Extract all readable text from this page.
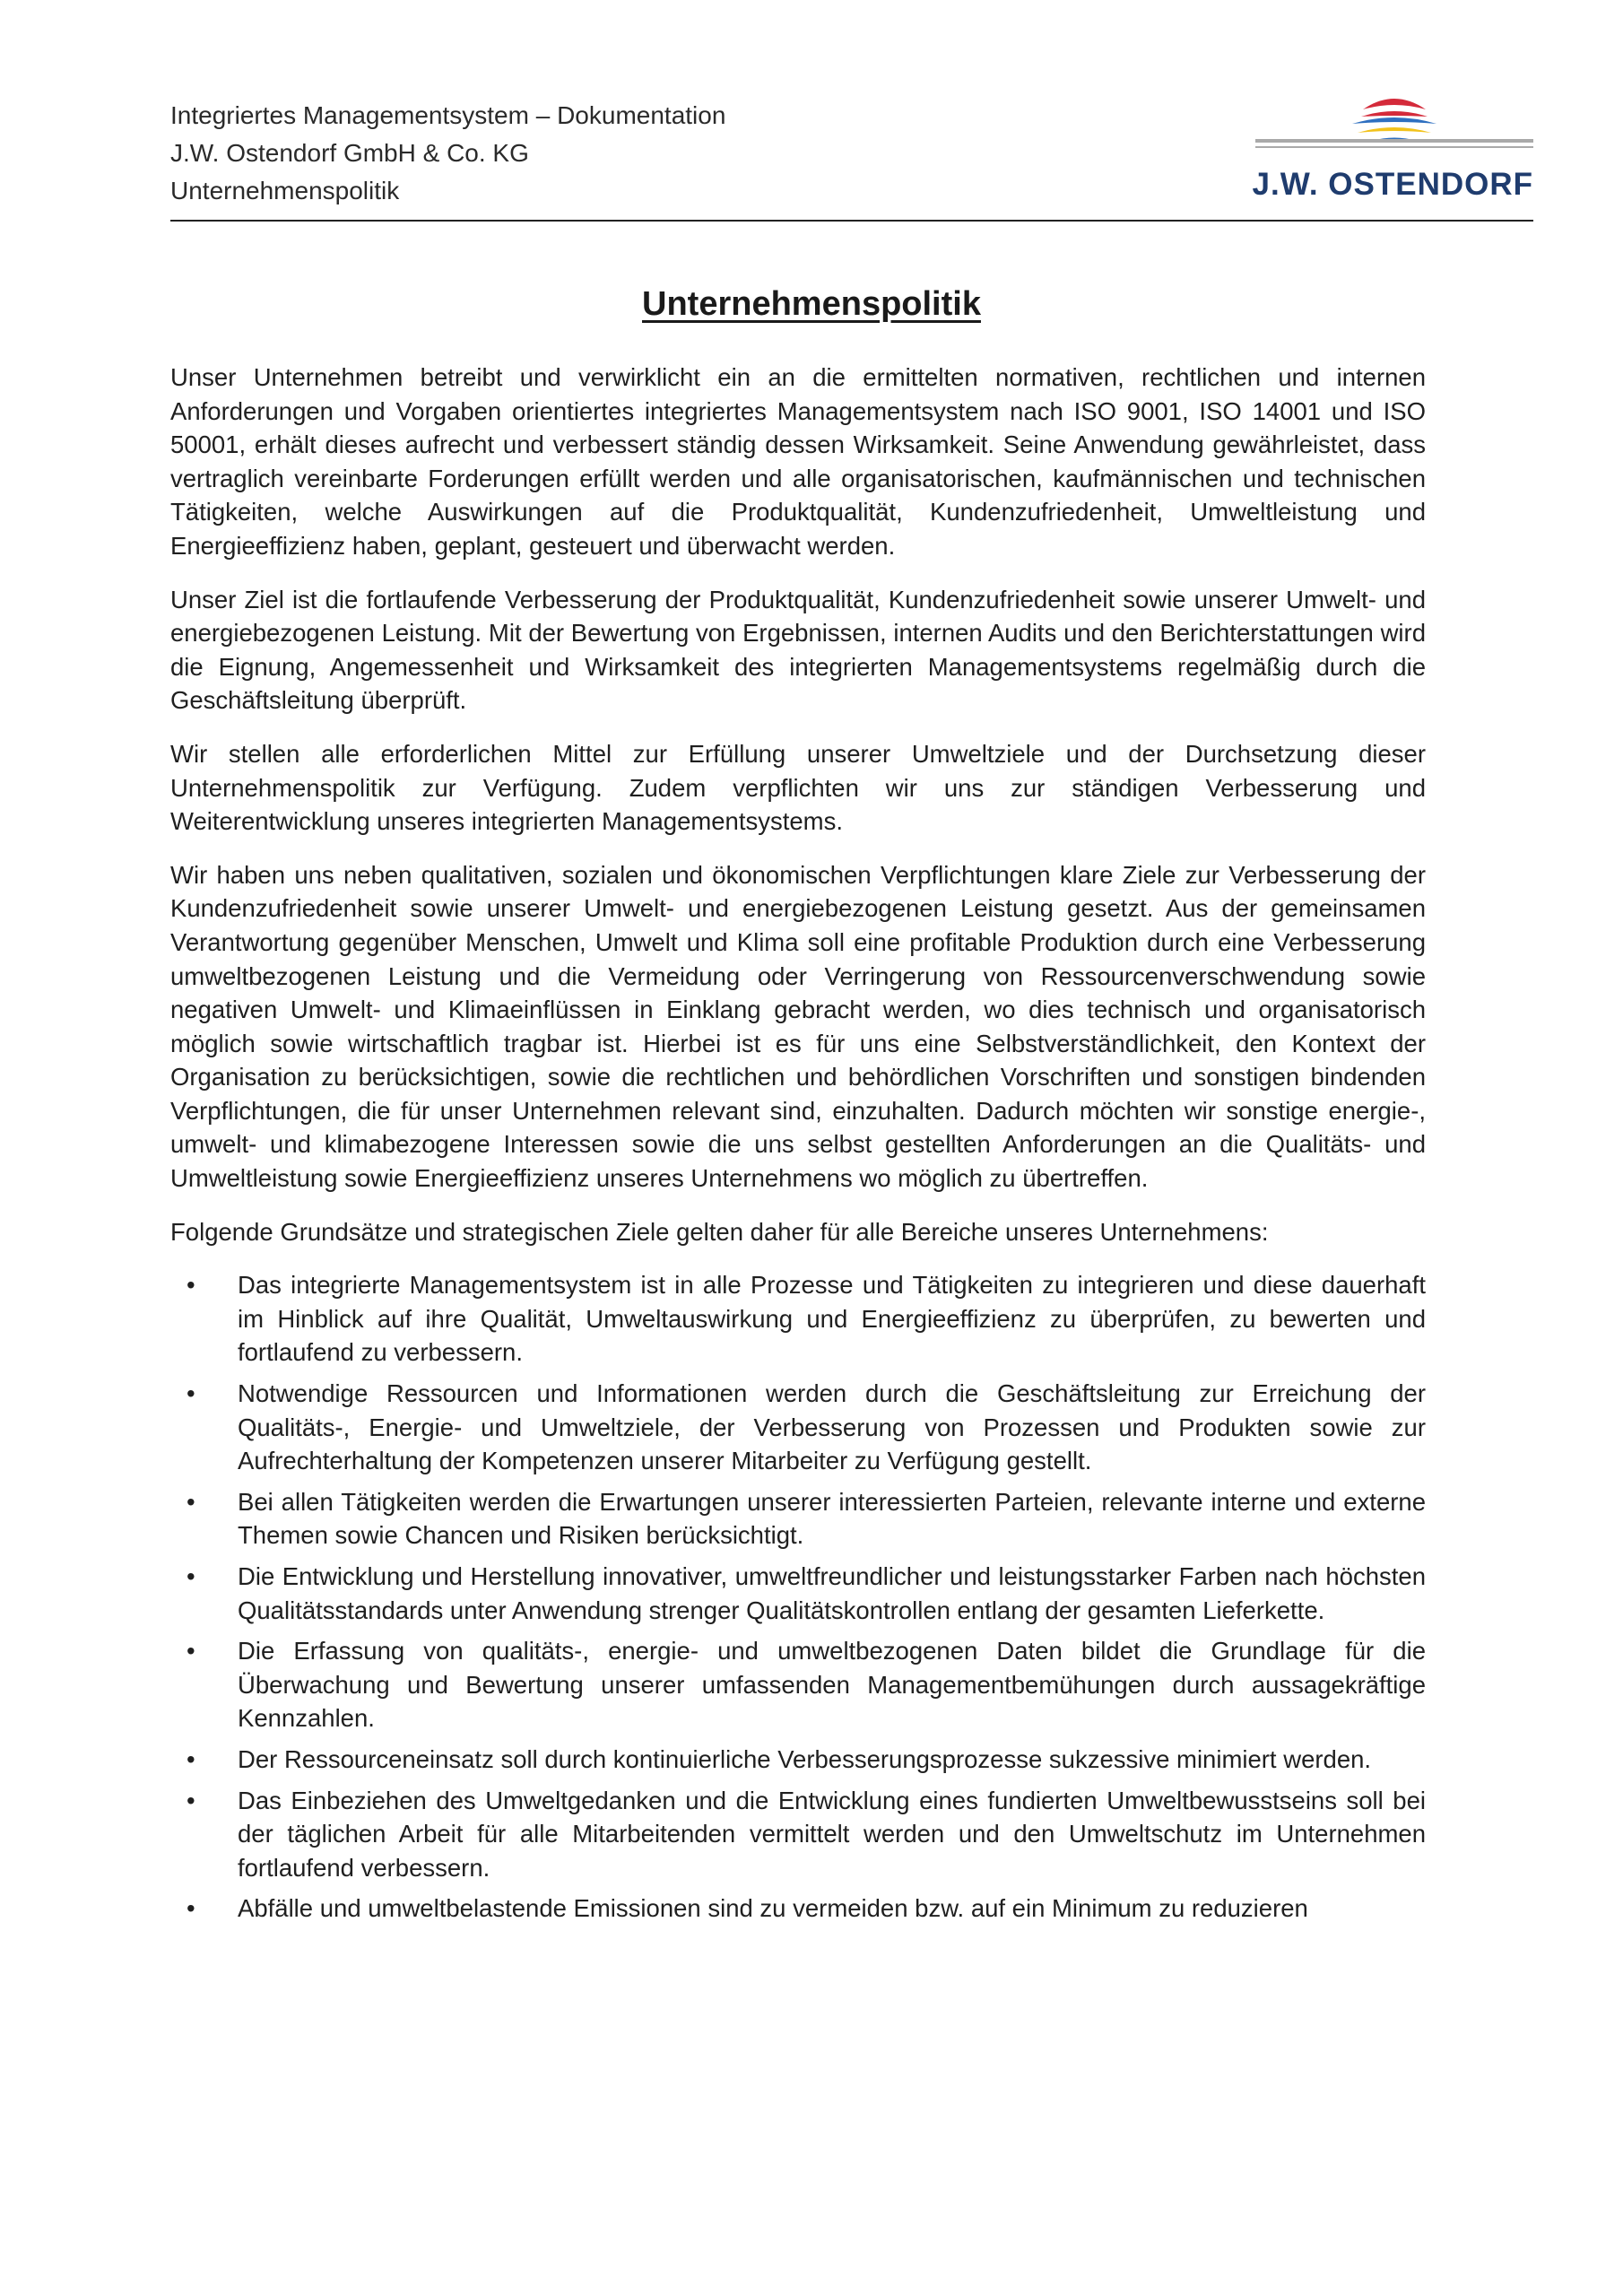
Integriertes Managementsystem – Dokumentation
J.W. Ostendorf GmbH & Co. KG
Unternehmenspolitik	J.W. OSTENDORF
Unternehmenspolitik

Unser Unternehmen betreibt und verwirklicht ein an die ermittelten normativen, rechtlichen und internen Anforderungen und Vorgaben orientiertes integriertes Managementsystem nach ISO 9001, ISO 14001 und ISO 50001, erhält dieses aufrecht und verbessert ständig dessen Wirksamkeit. Seine Anwendung gewährleistet, dass vertraglich vereinbarte Forderungen erfüllt werden und alle organisatorischen, kaufmännischen und technischen Tätigkeiten, welche Auswirkungen auf die Produktqualität, Kundenzufriedenheit, Umweltleistung und Energieeffizienz haben, geplant, gesteuert und überwacht werden.

Unser Ziel ist die fortlaufende Verbesserung der Produktqualität, Kundenzufriedenheit sowie unserer Umwelt- und energiebezogenen Leistung. Mit der Bewertung von Ergebnissen, internen Audits und den Berichterstattungen wird die Eignung, Angemessenheit und Wirksamkeit des integrierten Managementsystems regelmäßig durch die Geschäftsleitung überprüft.

Wir stellen alle erforderlichen Mittel zur Erfüllung unserer Umweltziele und der Durchsetzung dieser Unternehmenspolitik zur Verfügung. Zudem verpflichten wir uns zur ständigen Verbesserung und Weiterentwicklung unseres integrierten Managementsystems.

Wir haben uns neben qualitativen, sozialen und ökonomischen Verpflichtungen klare Ziele zur Verbesserung der Kundenzufriedenheit sowie unserer Umwelt- und energiebezogenen Leistung gesetzt. Aus der gemeinsamen Verantwortung gegenüber Menschen, Umwelt und Klima soll eine profitable Produktion durch eine Verbesserung umweltbezogenen Leistung und die Vermeidung oder Verringerung von Ressourcenverschwendung sowie negativen Umwelt- und Klimaeinflüssen in Einklang gebracht werden, wo dies technisch und organisatorisch möglich sowie wirtschaftlich tragbar ist. Hierbei ist es für uns eine Selbstverständlichkeit, den Kontext der Organisation zu berücksichtigen, sowie die rechtlichen und behördlichen Vorschriften und sonstigen bindenden Verpflichtungen, die für unser Unternehmen relevant sind, einzuhalten. Dadurch möchten wir sonstige energie-, umwelt- und klimabezogene Interessen sowie die uns selbst gestellten Anforderungen an die Qualitäts- und Umweltleistung sowie Energieeffizienz unseres Unternehmens wo möglich zu übertreffen.

Folgende Grundsätze und strategischen Ziele gelten daher für alle Bereiche unseres Unternehmens:

• Das integrierte Managementsystem ist in alle Prozesse und Tätigkeiten zu integrieren und diese dauerhaft im Hinblick auf ihre Qualität, Umweltauswirkung und Energieeffizienz zu überprüfen, zu bewerten und fortlaufend zu verbessern.
• Notwendige Ressourcen und Informationen werden durch die Geschäftsleitung zur Erreichung der Qualitäts-, Energie- und Umweltziele, der Verbesserung von Prozessen und Produkten sowie zur Aufrechterhaltung der Kompetenzen unserer Mitarbeiter zu Verfügung gestellt.
• Bei allen Tätigkeiten werden die Erwartungen unserer interessierten Parteien, relevante interne und externe Themen sowie Chancen und Risiken berücksichtigt.
• Die Entwicklung und Herstellung innovativer, umweltfreundlicher und leistungsstarker Farben nach höchsten Qualitätsstandards unter Anwendung strenger Qualitätskontrollen entlang der gesamten Lieferkette.
• Die Erfassung von qualitäts-, energie- und umweltbezogenen Daten bildet die Grundlage für die Überwachung und Bewertung unserer umfassenden Managementbemühungen durch aussagekräftige Kennzahlen.
• Der Ressourceneinsatz soll durch kontinuierliche Verbesserungsprozesse sukzessive minimiert werden.
• Das Einbeziehen des Umweltgedanken und die Entwicklung eines fundierten Umweltbewusstseins soll bei der täglichen Arbeit für alle Mitarbeitenden vermittelt werden und den Umweltschutz im Unternehmen fortlaufend verbessern.
• Abfälle und umweltbelastende Emissionen sind zu vermeiden bzw. auf ein Minimum zu reduzieren
